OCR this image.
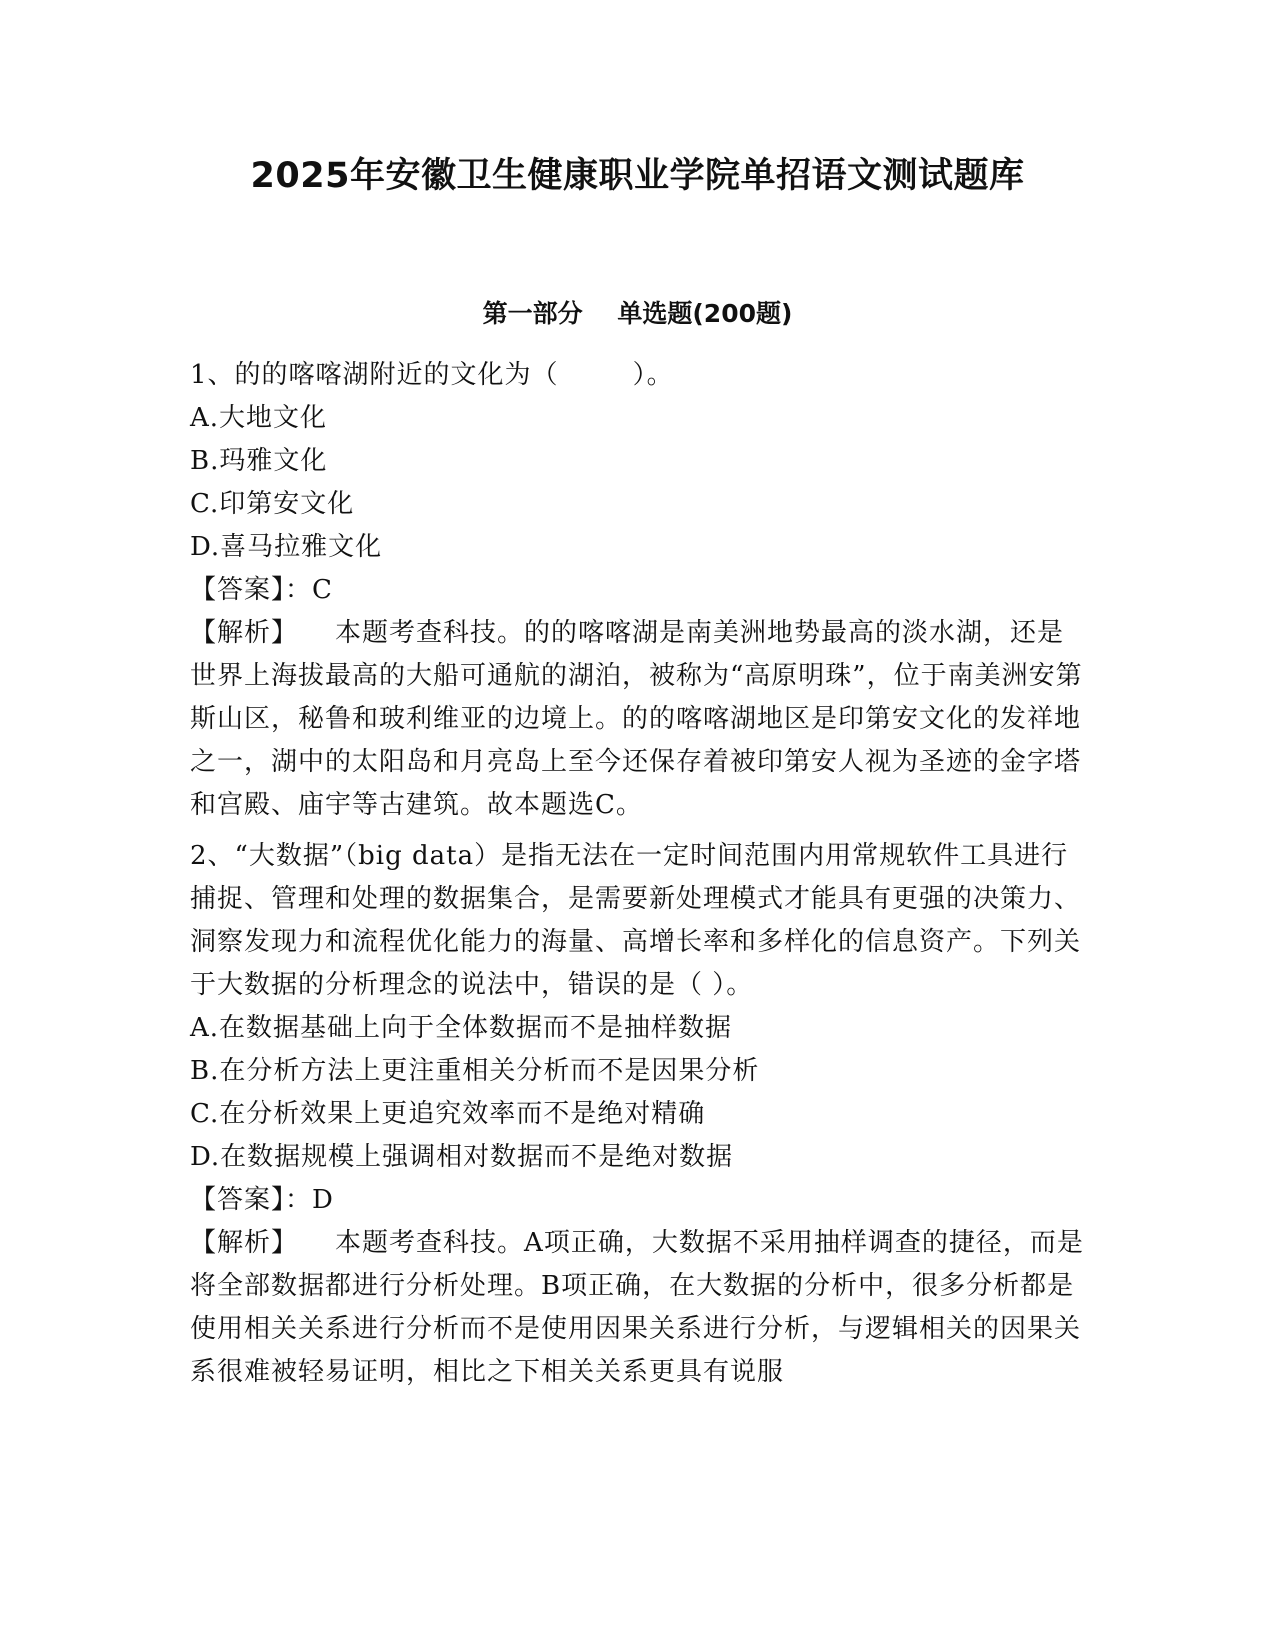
2025年安徽卫生健康职业学院单招语文测试题库
第一部分    单选题(200题)

1、的的喀喀湖附近的文化为（        ）。

A.大地文化

B.玛雅文化

C.印第安文化

D.喜马拉雅文化

【答案】：C

【解析】    本题考查科技。的的喀喀湖是南美洲地势最高的淡水湖，还是世界上海拔最高的大船可通航的湖泊，被称为“高原明珠”，位于南美洲安第斯山区，秘鲁和玻利维亚的边境上。的的喀喀湖地区是印第安文化的发祥地之一，湖中的太阳岛和月亮岛上至今还保存着被印第安人视为圣迹的金字塔和宫殿、庙宇等古建筑。故本题选C。

2、“大数据”（big data）是指无法在一定时间范围内用常规软件工具进行捕捉、管理和处理的数据集合，是需要新处理模式才能具有更强的决策力、洞察发现力和流程优化能力的海量、高增长率和多样化的信息资产。下列关于大数据的分析理念的说法中，错误的是（ ）。

A.在数据基础上向于全体数据而不是抽样数据

B.在分析方法上更注重相关分析而不是因果分析

C.在分析效果上更追究效率而不是绝对精确

D.在数据规模上强调相对数据而不是绝对数据

【答案】：D

【解析】    本题考查科技。A项正确，大数据不采用抽样调查的捷径，而是将全部数据都进行分析处理。B项正确，在大数据的分析中，很多分析都是使用相关关系进行分析而不是使用因果关系进行分析，与逻辑相关的因果关系很难被轻易证明，相比之下相关关系更具有说服
